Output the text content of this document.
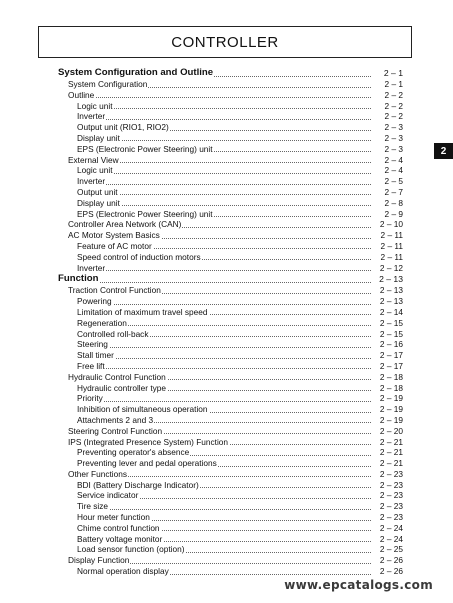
CONTROLLER
2
System Configuration and Outline	2 – 1
System Configuration	2 – 1
Outline	2 – 2
Logic unit	2 – 2
Inverter	2 – 2
Output unit (RIO1, RIO2)	2 – 3
Display unit	2 – 3
EPS (Electronic Power Steering) unit	2 – 3
External View	2 – 4
Logic unit	2 – 4
Inverter	2 – 5
Output unit	2 – 7
Display unit	2 – 8
EPS (Electronic Power Steering) unit	2 – 9
Controller Area Network (CAN)	2 – 10
AC Motor System Basics	2 – 11
Feature of AC motor	2 – 11
Speed control of induction motors	2 – 11
Inverter	2 – 12
Function	2 – 13
Traction Control Function	2 – 13
Powering	2 – 13
Limitation of maximum travel speed	2 – 14
Regeneration	2 – 15
Controlled roll-back	2 – 15
Steering	2 – 16
Stall timer	2 – 17
Free lift	2 – 17
Hydraulic Control Function	2 – 18
Hydraulic controller type	2 – 18
Priority	2 – 19
Inhibition of simultaneous operation	2 – 19
Attachments 2 and 3	2 – 19
Steering Control Function	2 – 20
IPS (Integrated Presence System) Function	2 – 21
Preventing operator's absence	2 – 21
Preventing lever and pedal operations	2 – 21
Other Functions	2 – 23
BDI (Battery Discharge Indicator)	2 – 23
Service indicator	2 – 23
Tire size	2 – 23
Hour meter function	2 – 23
Chime control function	2 – 24
Battery voltage monitor	2 – 24
Load sensor function (option)	2 – 25
Display Function	2 – 26
Normal operation display	2 – 26
www.epcatalogs.com
